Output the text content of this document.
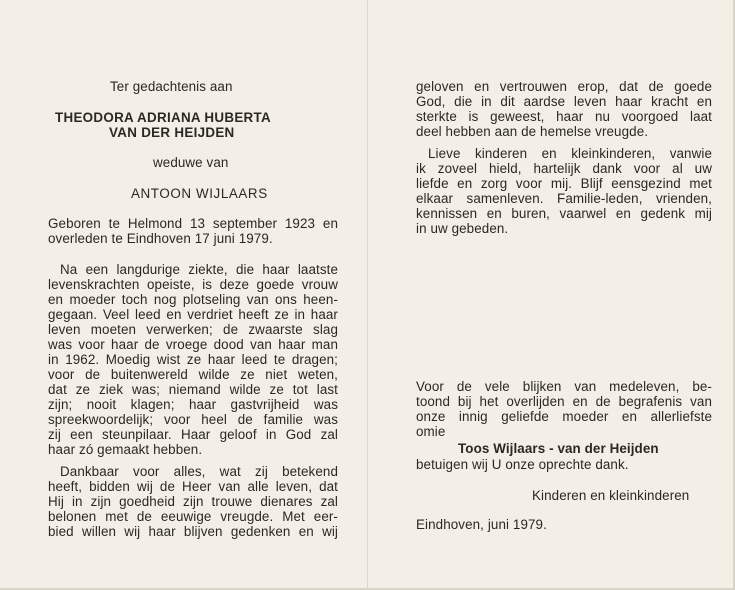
Ter gedachtenis aan
THEODORA ADRIANA HUBERTA
VAN DER HEIJDEN
weduwe van
ANTOON WIJLAARS
Geboren te Helmond 13 september 1923 en
overleden te Eindhoven 17 juni 1979.
Na een langdurige ziekte, die haar laatste
levenskrachten opeiste, is deze goede vrouw
en moeder toch nog plotseling van ons heen-
gegaan. Veel leed en verdriet heeft ze in haar
leven moeten verwerken; de zwaarste slag
was voor haar de vroege dood van haar man
in 1962. Moedig wist ze haar leed te dragen;
voor de buitenwereld wilde ze niet weten,
dat ze ziek was; niemand wilde ze tot last
zijn; nooit klagen; haar gastvrijheid was
spreekwoordelijk; voor heel de familie was
zij een steunpilaar. Haar geloof in God zal
haar zó gemaakt hebben.
Dankbaar voor alles, wat zij betekend
heeft, bidden wij de Heer van alle leven, dat
Hij in zijn goedheid zijn trouwe dienares zal
belonen met de eeuwige vreugde. Met eer-
bied willen wij haar blijven gedenken en wij
geloven en vertrouwen erop, dat de goede
God, die in dit aardse leven haar kracht en
sterkte is geweest, haar nu voorgoed laat
deel hebben aan de hemelse vreugde.
Lieve kinderen en kleinkinderen, vanwie
ik zoveel hield, hartelijk dank voor al uw
liefde en zorg voor mij. Blijf eensgezind met
elkaar samenleven. Familie-leden, vrienden,
kennissen en buren, vaarwel en gedenk mij
in uw gebeden.
Voor de vele blijken van medeleven, be-
toond bij het overlijden en de begrafenis van
onze innig geliefde moeder en allerliefste
omie
Toos Wijlaars - van der Heijden
betuigen wij U onze oprechte dank.
Kinderen en kleinkinderen
Eindhoven, juni 1979.
